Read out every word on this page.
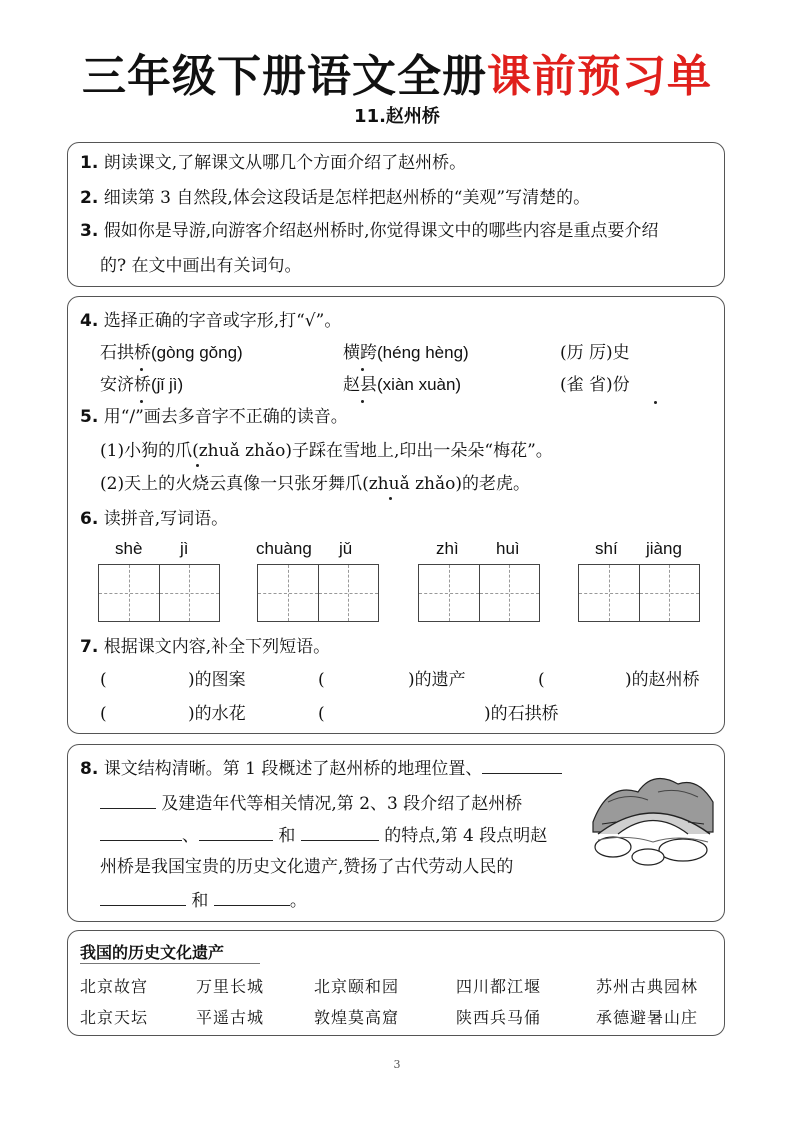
三年级下册语文全册课前预习单
11.赵州桥
1. 朗读课文,了解课文从哪几个方面介绍了赵州桥。
2. 细读第 3 自然段,体会这段话是怎样把赵州桥的“美观”写清楚的。
3. 假如你是导游,向游客介绍赵州桥时,你觉得课文中的哪些内容是重点要介绍
的? 在文中画出有关词句。
4. 选择正确的字音或字形,打“√”。
石拱桥(gòng gǒng)	横跨(héng hèng)	(历 厉)史
安济桥(jǐ jì)	赵县(xiàn xuàn)	(雀 省)份
5. 用“/”画去多音字不正确的读音。
(1)小狗的爪(zhuǎ zhǎo)子踩在雪地上,印出一朵朵“梅花”。
(2)天上的火烧云真像一只张牙舞爪(zhuǎ zhǎo)的老虎。
6. 读拼音,写词语。
shè jì	chuàng jǔ	zhì huì	shí jiàng
7. 根据课文内容,补全下列短语。
(	)的图案	(	)的遗产	(	)的赵州桥
(	)的水花	(	)的石拱桥
8. 课文结构清晰。第 1 段概述了赵州桥的地理位置、
及建造年代等相关情况,第 2、3 段介绍了赵州桥
、	和	的特点,第 4 段点明赵
州桥是我国宝贵的历史文化遗产,赞扬了古代劳动人民的
和	。
我国的历史文化遗产
北京故宫	万里长城	北京颐和园	四川都江堰	苏州古典园林
北京天坛	平遥古城	敦煌莫高窟	陕西兵马俑	承德避暑山庄
3
